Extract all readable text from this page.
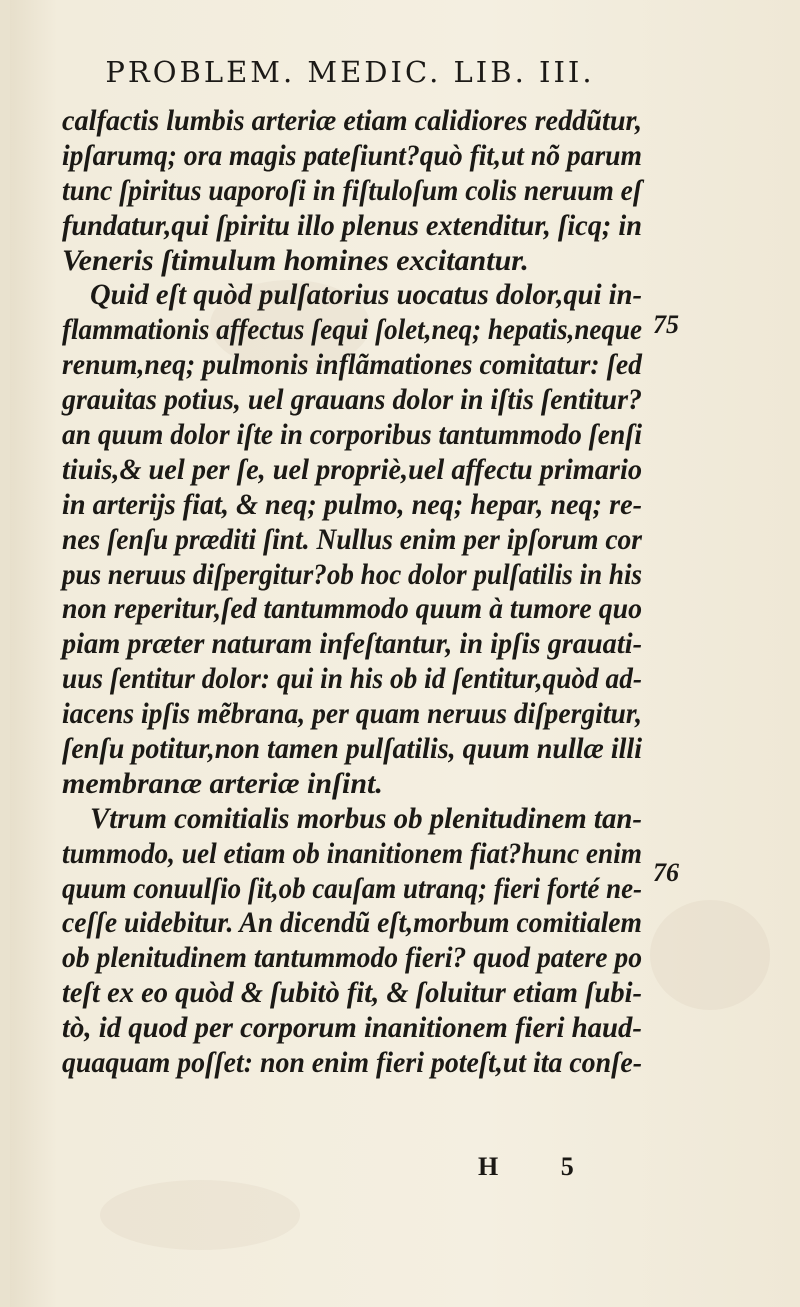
PROBLEM. MEDIC. LIB. III.
calfactis lumbis arteriæ etiam calidiores reddũtur,
ipſarumq; ora magis pateſiunt?quò fit,ut nõ parum
tunc ſpiritus uaporoſi in fiſtuloſum colis neruum eſ
fundatur,qui ſpiritu illo plenus extenditur, ſicq; in
Veneris ſtimulum homines excitantur.
Quid eſt quòd pulſatorius uocatus dolor,qui in-
flammationis affectus ſequi ſolet,neq; hepatis,neque
renum,neq; pulmonis inflãmationes comitatur: ſed
grauitas potius, uel grauans dolor in iſtis ſentitur?
an quum dolor iſte in corporibus tantummodo ſenſi
tiuis,& uel per ſe, uel propriè,uel affectu primario
in arterijs fiat, & neq; pulmo, neq; hepar, neq; re-
nes ſenſu præditi ſint. Nullus enim per ipſorum cor
pus neruus diſpergitur?ob hoc dolor pulſatilis in his
non reperitur,ſed tantummodo quum à tumore quo
piam præter naturam infeſtantur, in ipſis grauati-
uus ſentitur dolor: qui in his ob id ſentitur,quòd ad-
iacens ipſis mẽbrana, per quam neruus diſpergitur,
ſenſu potitur,non tamen pulſatilis, quum nullæ illi
membranæ arteriæ inſint.
Vtrum comitialis morbus ob plenitudinem tan-
tummodo, uel etiam ob inanitionem fiat?hunc enim
quum conuulſio ſit,ob cauſam utranq; fieri forté ne-
ceſſe uidebitur. An dicendũ eſt,morbum comitialem
ob plenitudinem tantummodo fieri? quod patere po
teſt ex eo quòd & ſubitò fit, & ſoluitur etiam ſubi-
tò, id quod per corporum inanitionem fieri haud-
quaquam poſſet: non enim fieri poteſt,ut ita conſe-
75
76
H 5
